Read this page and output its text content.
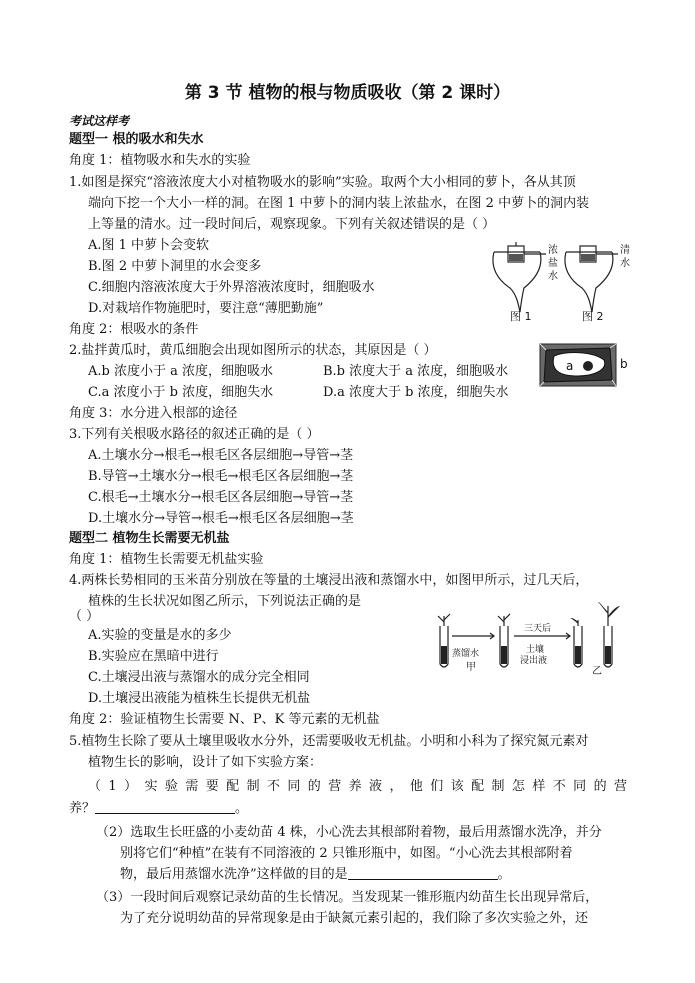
第 3 节 植物的根与物质吸收（第 2 课时）
考试这样考
题型一 根的吸水和失水
角度 1：植物吸水和失水的实验
1.如图是探究“溶液浓度大小对植物吸水的影响”实验。取两个大小相同的萝卜，各从其顶
端向下挖一个大小一样的洞。在图 1 中萝卜的洞内装上浓盐水，在图 2 中萝卜的洞内装
上等量的清水。过一段时间后，观察现象。下列有关叙述错误的是（ ）
A.图 1 中萝卜会变软
B.图 2 中萝卜洞里的水会变多
C.细胞内溶液浓度大于外界溶液浓度时，细胞吸水
D.对栽培作物施肥时，要注意“薄肥勤施”
浓
盐
水
清
水
图 1	图 2
角度 2：根吸水的条件
2.盐拌黄瓜时，黄瓜细胞会出现如图所示的状态，其原因是（ ）
A.b 浓度小于 a 浓度，细胞吸水	B.b 浓度大于 a 浓度，细胞吸水
C.a 浓度小于 b 浓度，细胞失水	D.a 浓度大于 b 浓度，细胞失水
a	b
角度 3：水分进入根部的途径
3.下列有关根吸水路径的叙述正确的是（ ）
A.土壤水分→根毛→根毛区各层细胞→导管→茎
B.导管→土壤水分→根毛→根毛区各层细胞→茎
C.根毛→土壤水分→根毛区各层细胞→导管→茎
D.土壤水分→导管→根毛→根毛区各层细胞→茎
题型二 植物生长需要无机盐
角度 1：植物生长需要无机盐实验
4.两株长势相同的玉米苗分别放在等量的土壤浸出液和蒸馏水中，如图甲所示，过几天后，
植株的生长状况如图乙所示，下列说法正确的是
（ ）
A.实验的变量是水的多少
B.实验应在黑暗中进行
C.土壤浸出液与蒸馏水的成分完全相同
D.土壤浸出液能为植株生长提供无机盐
蒸馏水
甲
三天后
土壤
浸出液
乙
角度 2：验证植物生长需要 N、P、K 等元素的无机盐
5.植物生长除了要从土壤里吸收水分外，还需要吸收无机盐。小明和小科为了探究氮元素对
植物生长的影响，设计了如下实验方案：
（1）实验需要配制不同的营养液，他们该配制怎样不同的营
养？	。
（2）选取生长旺盛的小麦幼苗 4 株，小心洗去其根部附着物，最后用蒸馏水洗净，并分
别将它们“种植”在装有不同溶液的 2 只锥形瓶中，如图。“小心洗去其根部附着
物，最后用蒸馏水洗净”这样做的目的是	。
（3）一段时间后观察记录幼苗的生长情况。当发现某一锥形瓶内幼苗生长出现异常后，
为了充分说明幼苗的异常现象是由于缺氮元素引起的，我们除了多次实验之外，还
